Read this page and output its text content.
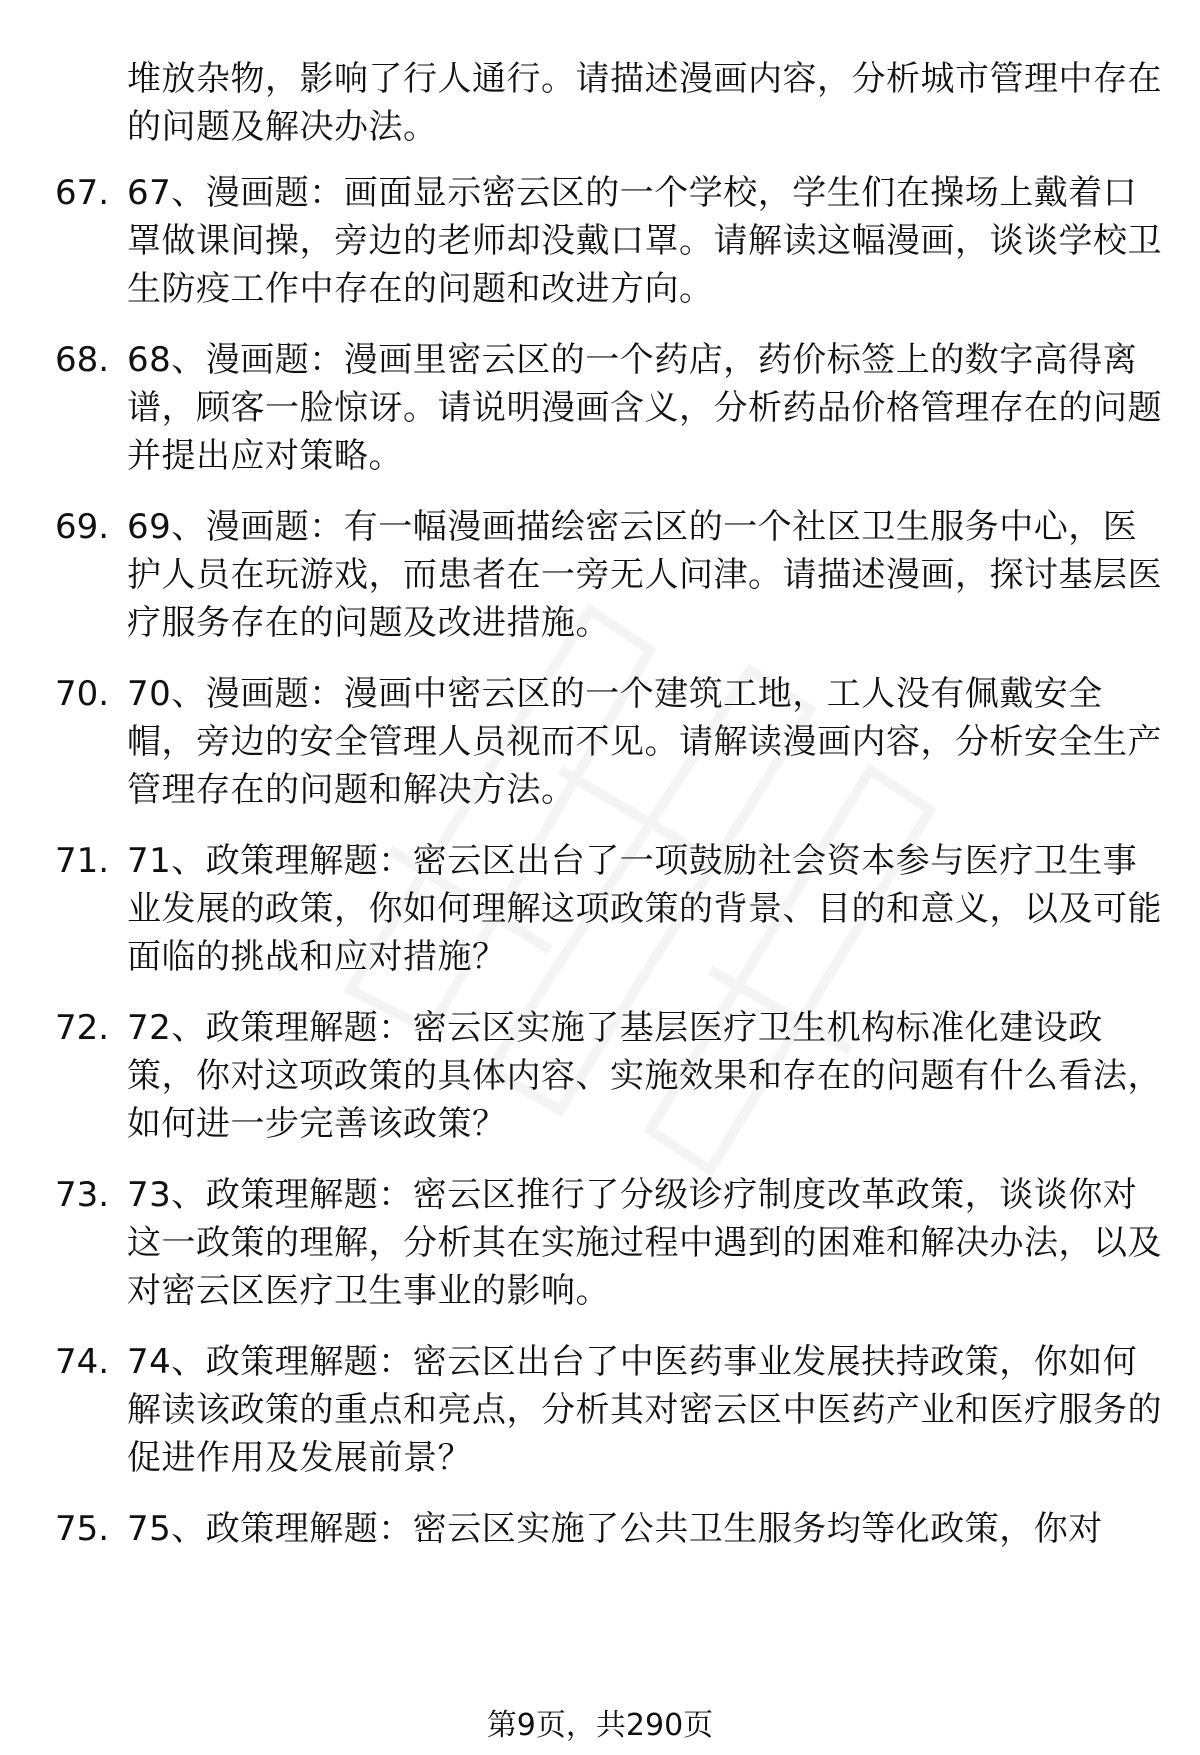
堆放杂物，影响了行人通行。请描述漫画内容，分析城市管理中存在的问题及解决办法。
67. 67、漫画题：画面显示密云区的一个学校，学生们在操场上戴着口罩做课间操，旁边的老师却没戴口罩。请解读这幅漫画，谈谈学校卫生防疫工作中存在的问题和改进方向。
68. 68、漫画题：漫画里密云区的一个药店，药价标签上的数字高得离谱，顾客一脸惊讶。请说明漫画含义，分析药品价格管理存在的问题并提出应对策略。
69. 69、漫画题：有一幅漫画描绘密云区的一个社区卫生服务中心，医护人员在玩游戏，而患者在一旁无人问津。请描述漫画，探讨基层医疗服务存在的问题及改进措施。
70. 70、漫画题：漫画中密云区的一个建筑工地，工人没有佩戴安全帽，旁边的安全管理人员视而不见。请解读漫画内容，分析安全生产管理存在的问题和解决方法。
71. 71、政策理解题：密云区出台了一项鼓励社会资本参与医疗卫生事业发展的政策，你如何理解这项政策的背景、目的和意义，以及可能面临的挑战和应对措施？
72. 72、政策理解题：密云区实施了基层医疗卫生机构标准化建设政策，你对这项政策的具体内容、实施效果和存在的问题有什么看法，如何进一步完善该政策？
73. 73、政策理解题：密云区推行了分级诊疗制度改革政策，谈谈你对这一政策的理解，分析其在实施过程中遇到的困难和解决办法，以及对密云区医疗卫生事业的影响。
74. 74、政策理解题：密云区出台了中医药事业发展扶持政策，你如何解读该政策的重点和亮点，分析其对密云区中医药产业和医疗服务的促进作用及发展前景？
75. 75、政策理解题：密云区实施了公共卫生服务均等化政策，你对
第9页，共290页
